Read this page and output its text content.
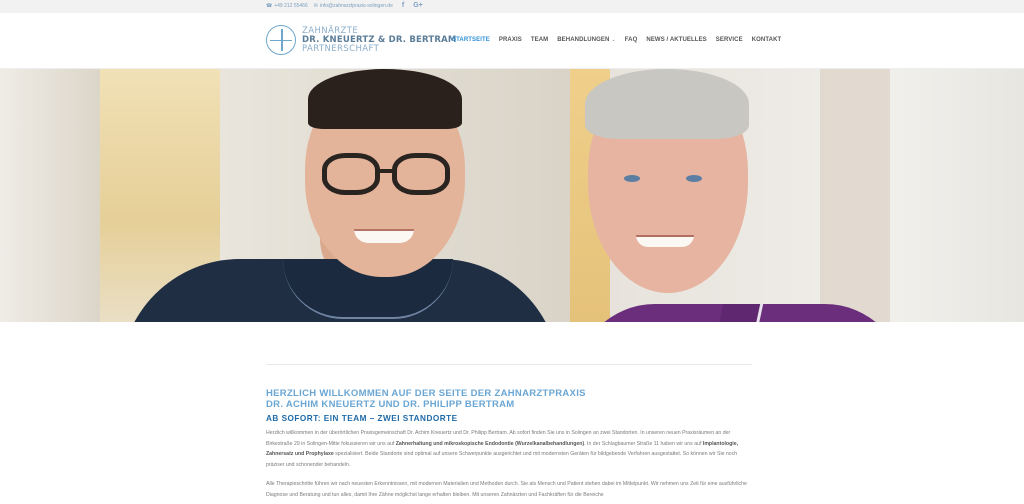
☎ +49 212 55466 ✉ info@zahnarztpraxis-solingen.de f G+
ZAHNÄRZTE
DR. KNEUERTZ & DR. BERTRAM
PARTNERSCHAFT
STARTSEITE PRAXIS TEAM BEHANDLUNGEN ⌄ FAQ NEWS / AKTUELLES SERVICE KONTAKT
HERZLICH WILLKOMMEN AUF DER SEITE DER ZAHNARZTPRAXIS
DR. ACHIM KNEUERTZ UND DR. PHILIPP BERTRAM
AB SOFORT: EIN TEAM – ZWEI STANDORTE

Herzlich willkommen in der überörtlichen Praxisgemeinschaft Dr. Achim Kneuertz und Dr. Philipp Bertram. Ab sofort finden Sie uns in Solingen an zwei Standorten. In unseren neuen Praxisräumen an der Birkestraße 29 in Solingen-Mitte fokussieren wir uns auf Zahnerhaltung und mikroskopische Endodontie (Wurzelkanalbehandlungen). In der Schlagbaumer Straße 11 haben wir uns auf Implantologie, Zahnersatz und Prophylaxe spezialisiert. Beide Standorte sind optimal auf unsere Schwerpunkte ausgerichtet und mit modernsten Geräten für bildgebende Verfahren ausgestattet. So können wir Sie noch präziser und schonender behandeln.

Alle Therapieschritte führen wir nach neuesten Erkenntnissen, mit modernen Materialien und Methoden durch. Sie als Mensch und Patient stehen dabei im Mittelpunkt. Wir nehmen uns Zeit für eine ausführliche Diagnose und Beratung und tun alles, damit Ihre Zähne möglichst lange erhalten bleiben. Mit unseren Zahnärzten und Fachkräften für die Bereiche
